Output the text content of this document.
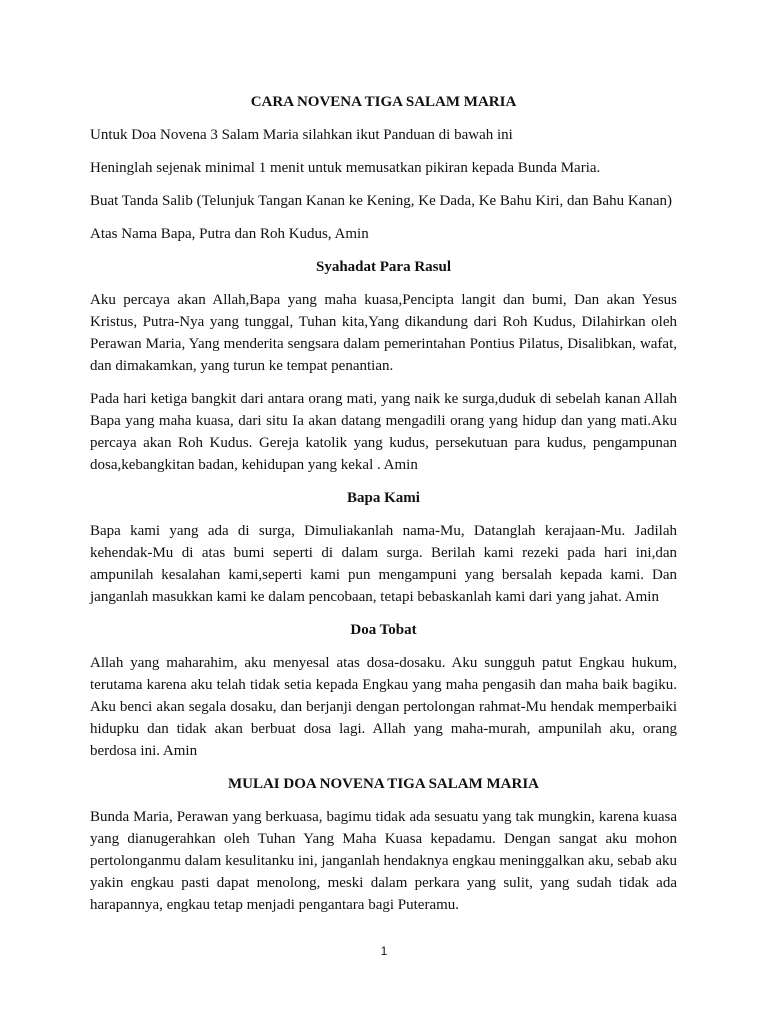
CARA NOVENA TIGA SALAM MARIA

Untuk Doa Novena 3 Salam Maria silahkan ikut Panduan di bawah ini

Heninglah sejenak minimal 1 menit untuk memusatkan pikiran kepada Bunda Maria.

Buat Tanda Salib (Telunjuk Tangan Kanan ke Kening, Ke Dada, Ke Bahu Kiri, dan Bahu Kanan)

Atas Nama Bapa, Putra dan Roh Kudus, Amin

Syahadat Para Rasul

Aku percaya akan Allah,Bapa yang maha kuasa,Pencipta langit dan bumi, Dan akan Yesus Kristus, Putra-Nya yang tunggal, Tuhan kita,Yang dikandung dari Roh Kudus, Dilahirkan oleh Perawan Maria, Yang menderita sengsara dalam pemerintahan Pontius Pilatus, Disalibkan, wafat, dan dimakamkan, yang turun ke tempat penantian.

Pada hari ketiga bangkit dari antara orang mati, yang naik ke surga,duduk di sebelah kanan Allah Bapa yang maha kuasa, dari situ Ia akan datang mengadili orang yang hidup dan yang mati.Aku percaya akan Roh Kudus. Gereja katolik yang kudus, persekutuan para kudus, pengampunan dosa,kebangkitan badan, kehidupan yang kekal . Amin

Bapa Kami

Bapa kami yang ada di surga, Dimuliakanlah nama-Mu, Datanglah kerajaan-Mu. Jadilah kehendak-Mu di atas bumi seperti di dalam surga. Berilah kami rezeki pada hari ini,dan ampunilah kesalahan kami,seperti kami pun mengampuni yang bersalah kepada kami. Dan janganlah masukkan kami ke dalam pencobaan, tetapi bebaskanlah kami dari yang jahat. Amin

Doa Tobat

Allah yang maharahim, aku menyesal atas dosa-dosaku. Aku sungguh patut Engkau hukum, terutama karena aku telah tidak setia kepada Engkau yang maha pengasih dan maha baik bagiku. Aku benci akan segala dosaku, dan berjanji dengan pertolongan rahmat-Mu hendak memperbaiki hidupku dan tidak akan berbuat dosa lagi. Allah yang maha-murah, ampunilah aku, orang berdosa ini. Amin

MULAI DOA NOVENA TIGA SALAM MARIA

Bunda Maria, Perawan yang berkuasa, bagimu tidak ada sesuatu yang tak mungkin, karena kuasa yang dianugerahkan oleh Tuhan Yang Maha Kuasa kepadamu. Dengan sangat aku mohon pertolonganmu dalam kesulitanku ini, janganlah hendaknya engkau meninggalkan aku, sebab aku yakin engkau pasti dapat menolong, meski dalam perkara yang sulit, yang sudah tidak ada harapannya, engkau tetap menjadi pengantara bagi Puteramu.

1
